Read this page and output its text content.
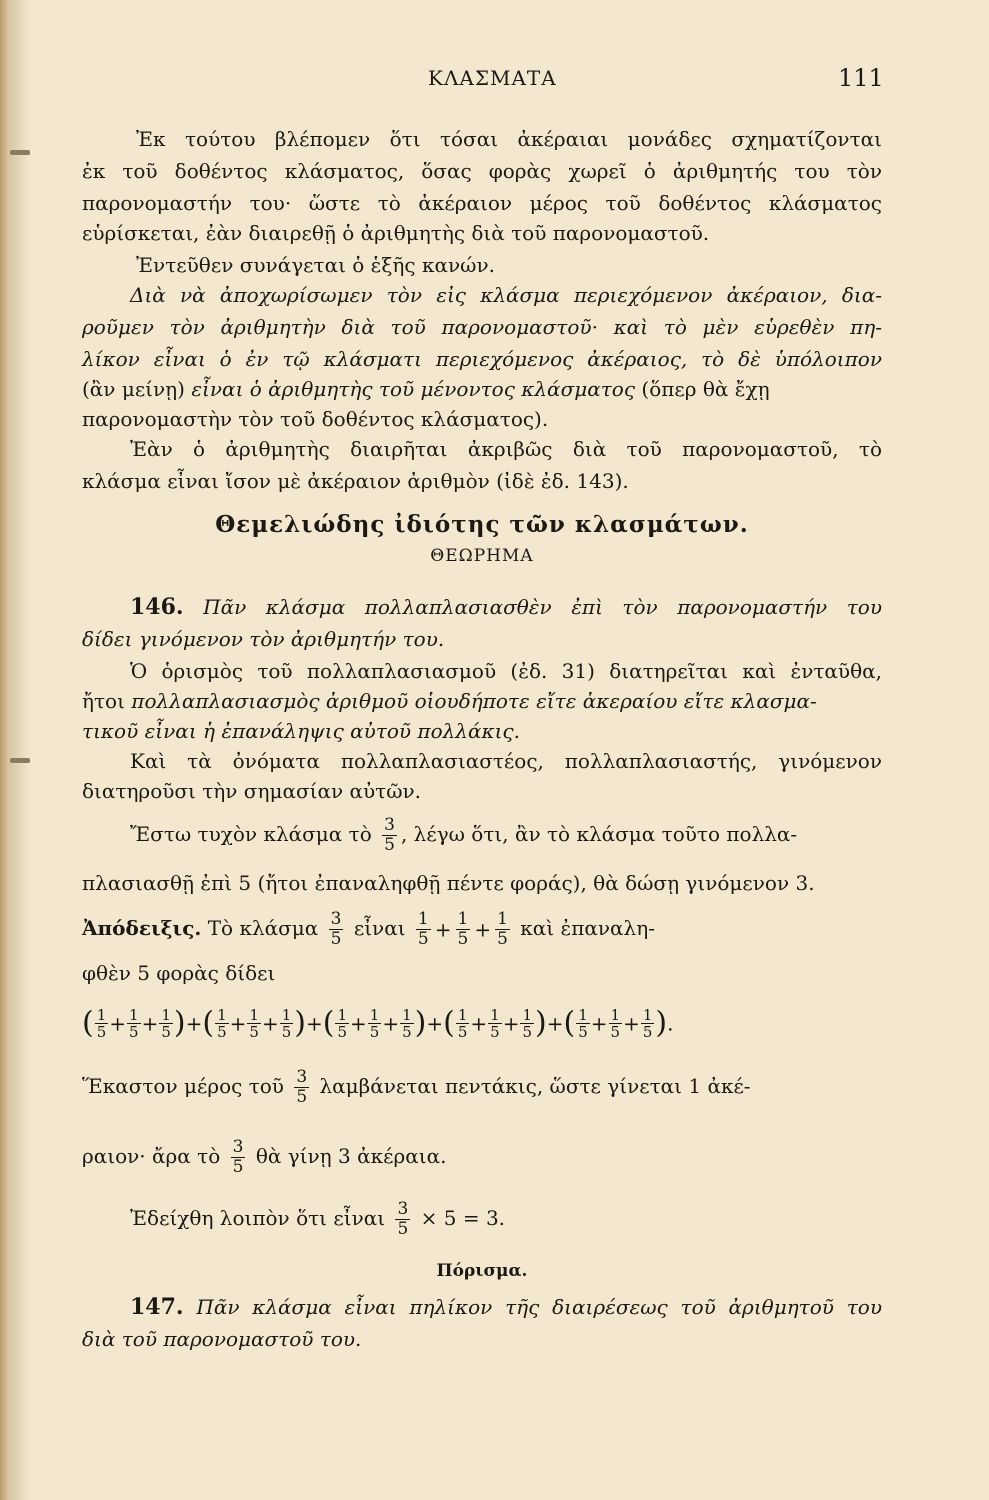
ΚΛΑΣΜΑΤΑ	111
Ἐκ τούτου βλέπομεν ὅτι τόσαι ἀκέραιαι μονάδες σχηματίζονται
ἐκ τοῦ δοθέντος κλάσματος, ὅσας φορὰς χωρεῖ ὁ ἀριθμητής του τὸν
παρονομαστήν του· ὥστε τὸ ἀκέραιον μέρος τοῦ δοθέντος κλάσματος
εὑρίσκεται, ἐὰν διαιρεθῇ ὁ ἀριθμητὴς διὰ τοῦ παρονομαστοῦ.
Ἐντεῦθεν συνάγεται ὁ ἑξῆς κανών.
Διὰ νὰ ἀποχωρίσωμεν τὸν εἰς κλάσμα περιεχόμενον ἀκέραιον, δια-
ροῦμεν τὸν ἀριθμητὴν διὰ τοῦ παρονομαστοῦ· καὶ τὸ μὲν εὑρεθὲν πη-
λίκον εἶναι ὁ ἐν τῷ κλάσματι περιεχόμενος ἀκέραιος, τὸ δὲ ὑπόλοιπον
(ἂν μείνῃ) εἶναι ὁ ἀριθμητὴς τοῦ μένοντος κλάσματος (ὅπερ θὰ ἔχῃ
παρονομαστὴν τὸν τοῦ δοθέντος κλάσματος).
Ἐὰν ὁ ἀριθμητὴς διαιρῆται ἀκριβῶς διὰ τοῦ παρονομαστοῦ, τὸ
κλάσμα εἶναι ἴσον μὲ ἀκέραιον ἀριθμὸν (ἰδὲ ἐδ. 143).
Θεμελιώδης ἰδιότης τῶν κλασμάτων.
ΘΕΩΡΗΜΑ
146. Πᾶν κλάσμα πολλαπλασιασθὲν ἐπὶ τὸν παρονομαστήν του
δίδει γινόμενον τὸν ἀριθμητήν του.
Ὁ ὁρισμὸς τοῦ πολλαπλασιασμοῦ (ἐδ. 31) διατηρεῖται καὶ ἐνταῦθα,
ἤτοι πολλαπλασιασμὸς ἀριθμοῦ οἱουδήποτε εἴτε ἀκεραίου εἴτε κλασμα-
τικοῦ εἶναι ἡ ἐπανάληψις αὐτοῦ πολλάκις.
Καὶ τὰ ὀνόματα πολλαπλασιαστέος, πολλαπλασιαστής, γινόμενον
διατηροῦσι τὴν σημασίαν αὐτῶν.
Ἔστω τυχὸν κλάσμα τὸ $\frac{3}{5}$ , λέγω ὅτι, ἂν τὸ κλάσμα τοῦτο πολλα-
πλασιασθῇ ἐπὶ 5 (ἤτοι ἐπαναληφθῇ πέντε φοράς), θὰ δώσῃ γινόμενον 3.
Ἀπόδειξις. Τὸ κλάσμα $\frac{3}{5}$ εἶναι $\frac{1}{5} + \frac{1}{5} + \frac{1}{5}$ καὶ ἐπαναλη-
φθὲν 5 φορὰς δίδει
( $\frac{1}{5} + \frac{1}{5} + \frac{1}{5}$ )+( $\frac{1}{5} + \frac{1}{5} + \frac{1}{5}$ )+( $\frac{1}{5} + \frac{1}{5} + \frac{1}{5}$ )+( $\frac{1}{5} + \frac{1}{5} + \frac{1}{5}$ )+( $\frac{1}{5} + \frac{1}{5} + \frac{1}{5}$ ).
Ἕκαστον μέρος τοῦ $\frac{3}{5}$ λαμβάνεται πεντάκις, ὥστε γίνεται 1 ἀκέ-
ραιον· ἄρα τὸ $\frac{3}{5}$ θὰ γίνῃ 3 ἀκέραια.
Ἐδείχθη λοιπὸν ὅτι εἶναι $\frac{3}{5} \times 5 = 3$.
Πόρισμα.
147. Πᾶν κλάσμα εἶναι πηλίκον τῆς διαιρέσεως τοῦ ἀριθμητοῦ του
διὰ τοῦ παρονομαστοῦ του.
